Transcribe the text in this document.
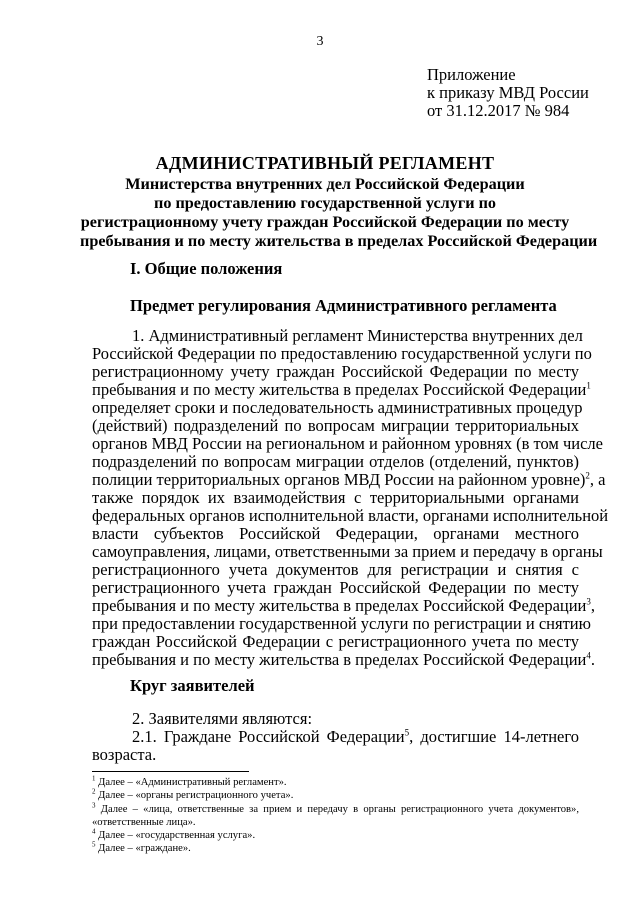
3
Приложение
к приказу МВД России
от 31.12.2017 № 984
АДМИНИСТРАТИВНЫЙ РЕГЛАМЕНТ
Министерства внутренних дел Российской Федерации
по предоставлению государственной услуги по
регистрационному учету граждан Российской Федерации по месту
пребывания и по месту жительства в пределах Российской Федерации
I. Общие положения
Предмет регулирования Административного регламента
1. Административный регламент Министерства внутренних дел
Российской Федерации по предоставлению государственной услуги по
регистрационному учету граждан Российской Федерации по месту
пребывания и по месту жительства в пределах Российской Федерации$^1$
определяет сроки и последовательность административных процедур
(действий) подразделений по вопросам миграции территориальных
органов МВД России на региональном и районном уровнях (в том числе
подразделений по вопросам миграции отделов (отделений, пунктов)
полиции территориальных органов МВД России на районном уровне)$^2$, а
также порядок их взаимодействия с территориальными органами
федеральных органов исполнительной власти, органами исполнительной
власти субъектов Российской Федерации, органами местного
самоуправления, лицами, ответственными за прием и передачу в органы
регистрационного учета документов для регистрации и снятия с
регистрационного учета граждан Российской Федерации по месту
пребывания и по месту жительства в пределах Российской Федерации$^3$,
при предоставлении государственной услуги по регистрации и снятию
граждан Российской Федерации с регистрационного учета по месту
пребывания и по месту жительства в пределах Российской Федерации$^4$.
Круг заявителей
2. Заявителями являются:
2.1. Граждане Российской Федерации$^5$, достигшие 14-летнего
возраста.
$^1$ Далее – «Административный регламент».
$^2$ Далее – «органы регистрационного учета».
$^3$ Далее – «лица, ответственные за прием и передачу в органы регистрационного учета документов»,
«ответственные лица».
$^4$ Далее – «государственная услуга».
$^5$ Далее – «граждане».
